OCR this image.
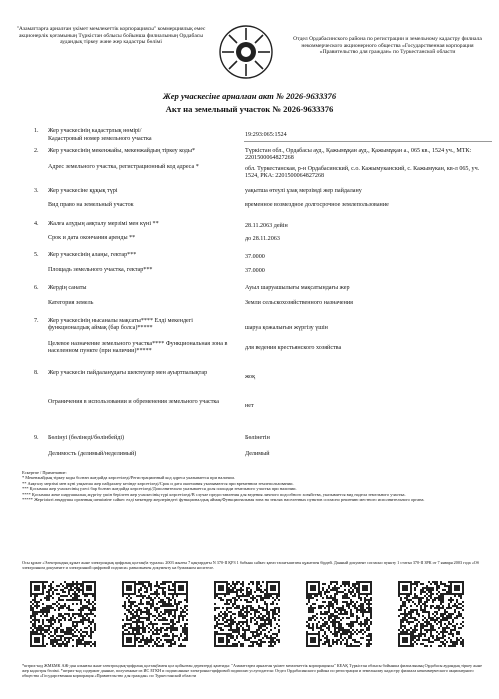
"Азаматтарға арналған үкімет мемлекеттік корпорациясы" коммерциялық емес акционерлік қоғамының Түркістан облысы бойынша филиалының Ордабасы аудандық тіркеу және жер кадастры бөлімі
Отдел Ордабасинского района по регистрации и земельному кадастру филиала некоммерческого акционерного общества «Государственная корпорация «Правительство для граждан» по Туркестанской области
Жер учаскесіне арналған акт № 2026-9633376
Акт на земельный участок № 2026-9633376
1. Жер учаскесінің кадастрлық нөмірі/
Кадастровый номер земельного участка
19:293:065:1524
2. Жер учаскесінің мекенжайы, мекенжайдың тіркеу коды*
Адрес земельного участка, регистрационный код адреса *
Түркістан обл., Ордабасы ауд., Қажымұқан ауд., Қажымұқан а., 065 кв., 1524 уч., МТК: 2201500064827268
обл. Туркестанская, р-н Ордабасинский, с.о. Кажымуканский, с. Кажымукан, кв-л 065, уч. 1524, РКА: 2201500064827268
3. Жер учаскесіне құқық түрі
Вид право на земельный участок
уақытша өтеулі ұзақ мерзімді жер пайдалану
временное возмездное долгосрочное землепользование
4. Жалға алудың аяқталу мерзімі мен күні **
Срок и дата окончания аренды **
28.11.2063 дейін
до 28.11.2063
5. Жер учаскесінің алаңы, гектар***
Площадь земельного участка, гектар***
37.0000
37.0000
6. Жердің санаты
Категория земель
Ауыл шаруашылығы мақсатындағы жер
Земли сельскохозяйственного назначения
7. Жер учаскесінің нысаналы мақсаты**** Елді мекендегі функционалдық аймақ (бар болса)*****
Целевое назначение земельного участка**** Функциональная зона в населенном пункте (при наличии)*****
шаруа қожалығын жүргізу үшін
для ведения крестьянского хозяйства
8. Жер учаскесін пайдаланудағы шектеулер мен ауыртпалықтар
Ограничения в использовании и обременения земельного участка
жоқ
нет
9. Бөлінуі (бөлінеді/бөлінбейді)
Делимость (делимый/неделимый)
Бөлінетін
Делимый

Ескертпе / Примечание:

* Мекенжайдың тіркеу коды болған жағдайда көрсетіледі/Регистрационный код адреса указывается при наличии.

** Аяқталу мерзімі мен күні уақытша жер пайдалану кезінде көрсетіледі/Срок и дата окончания указываются при временном землепользовании.

*** Қосымша жер учаскесінің үлесі бар болған жағдайда көрсетіледі/Дополнительно указывается доля площади земельного участка при наличии.

**** Қосымша жеке шаруашылық жүргізу үшін берілген жер учаскесінің түрі көрсетіледі/В случае предоставления для ведения личного подсобного хозяйства, указывается вид надела земельного участка.

***** Жергілікті атқарушы органның шешіміне сәйкес елді мекендер жерлеріндегі функционалдық аймақ/Функциональная зона на землях населенных пунктов согласно решению местного исполнительного органа.

Осы құжат «Электрондық құжат және электрондық цифрлық қолтаңба туралы» 2003 жылғы 7 қаңтардағы N 370-II ҚРЗ 1 бабына сәйкес қағаз тасығыштағы құжатпен бірдей. Данный документ согласно пункту 1 статьи 370-II ЗРК от 7 января 2003 года «Об электронном документе и электронной цифровой подписи» равнозначен документу на бумажном носителе.
*штрих-код ЖМБМК АЖ-дан алынған және электрондық-цифрлық қолтаңбамен қол қойылған деректерді қамтиды: "Азаматтарға арналған үкімет мемлекеттік корпорациясы" КЕАҚ Түркістан облысы бойынша филиалының Ордабасы аудандық тіркеу және жер кадастры бөлімі. *штрих-код содержит данные, полученные из ИС ЕГКН и подписанные электронно-цифровой подписью услугодателя: Отдел Ордабасинского района по регистрации и земельному кадастру филиала некоммерческого акционерного общества «Государственная корпорация «Правительство для граждан» по Туркестанской области
